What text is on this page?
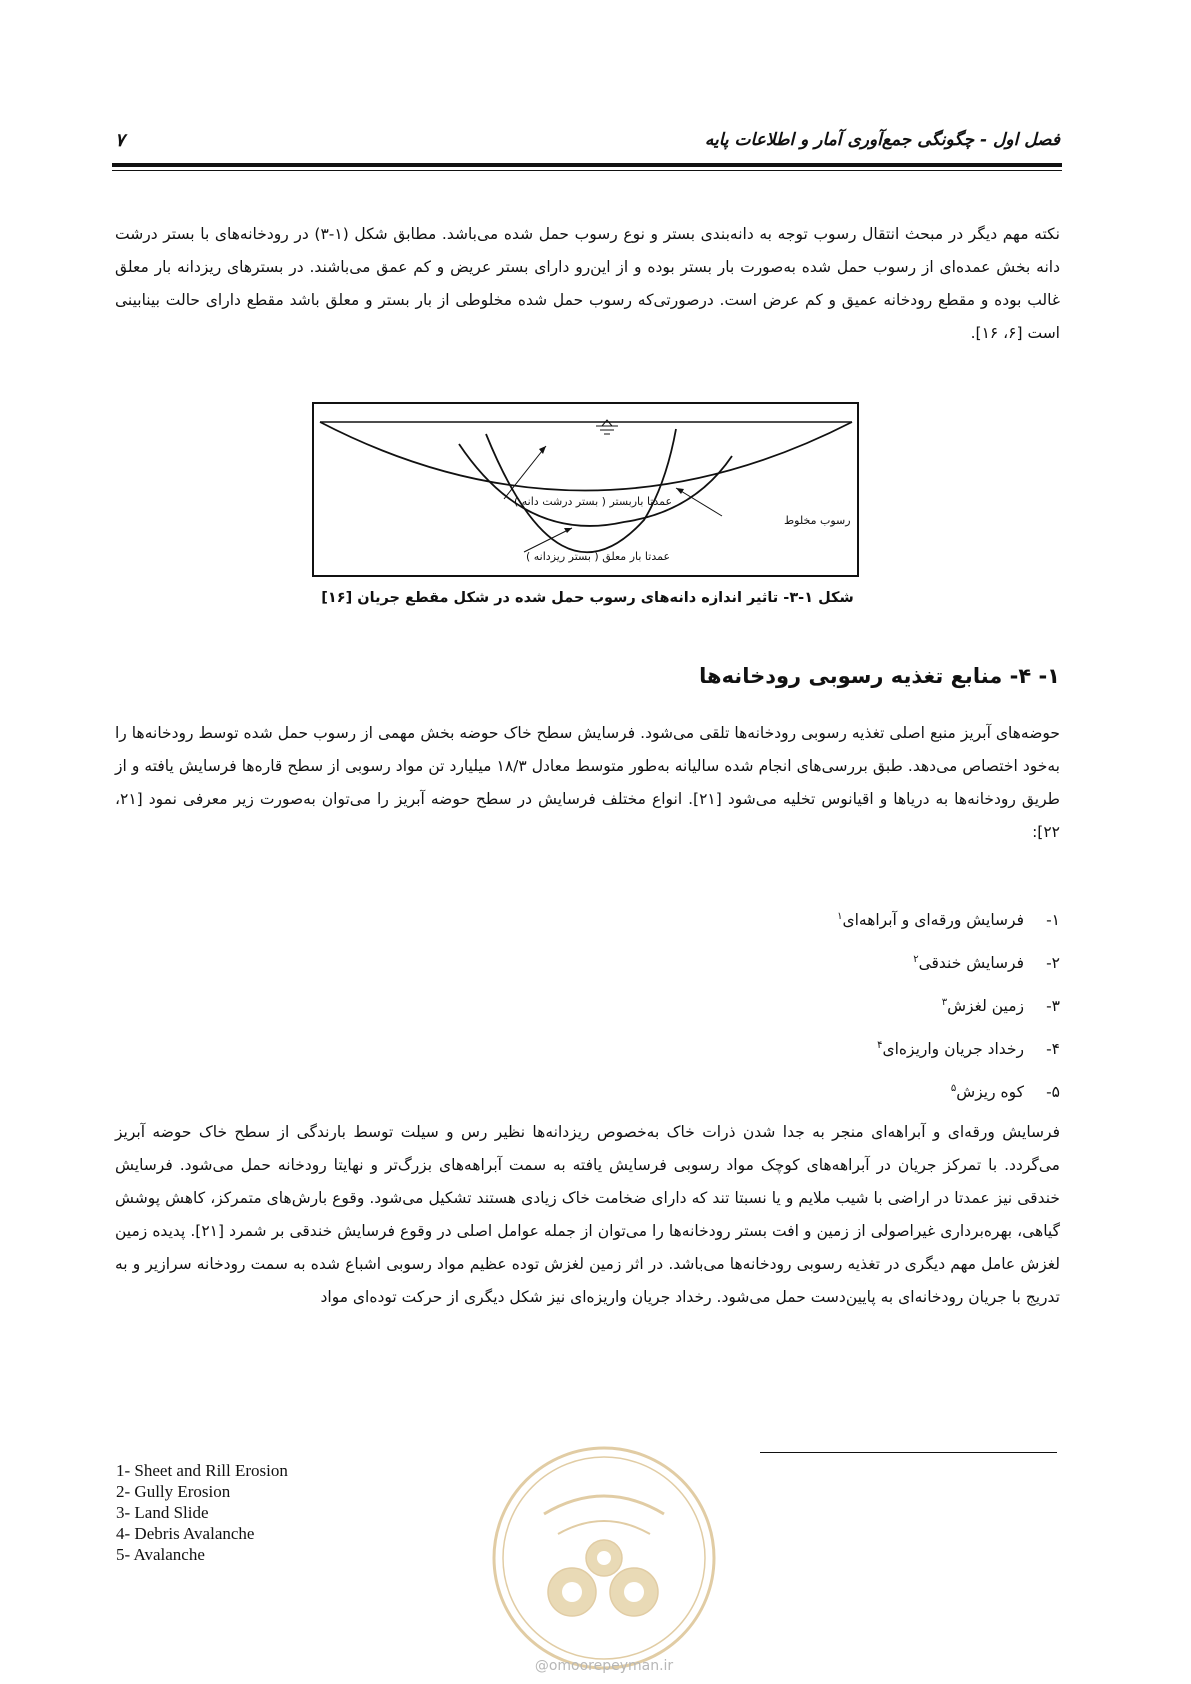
فصل اول - چگونگی جمع‌آوری آمار و اطلاعات پایه
۷

نکته مهم دیگر در مبحث انتقال رسوب توجه به دانه‌بندی بستر و نوع رسوب حمل شده می‌باشد. مطابق شکل (۱-۳) در رودخانه‌های با بستر درشت دانه بخش عمده‌ای از رسوب حمل شده به‌صورت بار بستر بوده و از این‌رو دارای بستر عریض و کم عمق می‌باشند. در بسترهای ریزدانه بار معلق غالب بوده و مقطع رودخانه عمیق و کم عرض است. درصورتی‌که رسوب حمل شده مخلوطی از بار بستر و معلق باشد مقطع دارای حالت بینابینی است [۶، ۱۶].

عمدتا باربستر ( بستر درشت دانه )
رسوب مخلوط
عمدتا بار معلق ( بستر ریزدانه )
شکل ۱-۳- تاثیر اندازه دانه‌های رسوب حمل شده در شکل مقطع جریان [۱۶]
۱- ۴- منابع تغذیه رسوبی رودخانه‌ها

حوضه‌های آبریز منبع اصلی تغذیه رسوبی رودخانه‌ها تلقی می‌شود. فرسایش سطح خاک حوضه بخش مهمی از رسوب حمل شده توسط رودخانه‌ها را به‌خود اختصاص می‌دهد. طبق بررسی‌های انجام شده سالیانه به‌طور متوسط معادل ۱۸/۳ میلیارد تن مواد رسوبی از سطح قاره‌ها فرسایش یافته و از طریق رودخانه‌ها به دریاها و اقیانوس تخلیه می‌شود [۲۱]. انواع مختلف فرسایش در سطح حوضه آبریز را می‌توان به‌صورت زیر معرفی نمود [۲۱، ۲۲]:

۱-فرسایش ورقه‌ای و آبراهه‌ای$^۱$
۲-فرسایش خندقی$^۲$
۳-زمین لغزش$^۳$
۴-رخداد جریان واریزه‌ای$^۴$
۵-کوه ریزش$^۵$

فرسایش ورقه‌ای و آبراهه‌ای منجر به جدا شدن ذرات خاک به‌خصوص ریزدانه‌ها نظیر رس و سیلت توسط بارندگی از سطح خاک حوضه آبریز می‌گردد. با تمرکز جریان در آبراهه‌های کوچک مواد رسوبی فرسایش یافته به سمت آبراهه‌های بزرگ‌تر و نهایتا رودخانه حمل می‌شود. فرسایش خندقی نیز عمدتا در اراضی با شیب ملایم و یا نسبتا تند که دارای ضخامت خاک زیادی هستند تشکیل می‌شود. وقوع بارش‌های متمرکز، کاهش پوشش گیاهی، بهره‌برداری غیراصولی از زمین و افت بستر رودخانه‌ها را می‌توان از جمله عوامل اصلی در وقوع فرسایش خندقی بر شمرد [۲۱]. پدیده زمین لغزش عامل مهم دیگری در تغذیه رسوبی رودخانه‌ها می‌باشد. در اثر زمین لغزش توده عظیم مواد رسوبی اشباع شده به سمت رودخانه سرازیر و به تدریج با جریان رودخانه‌ای به پایین‌دست حمل می‌شود. رخداد جریان واریزه‌ای نیز شکل دیگری از حرکت توده‌ای مواد

1- Sheet and Rill Erosion
2- Gully Erosion
3- Land Slide
4- Debris Avalanche
5- Avalanche
@omoorepeyman.ir
